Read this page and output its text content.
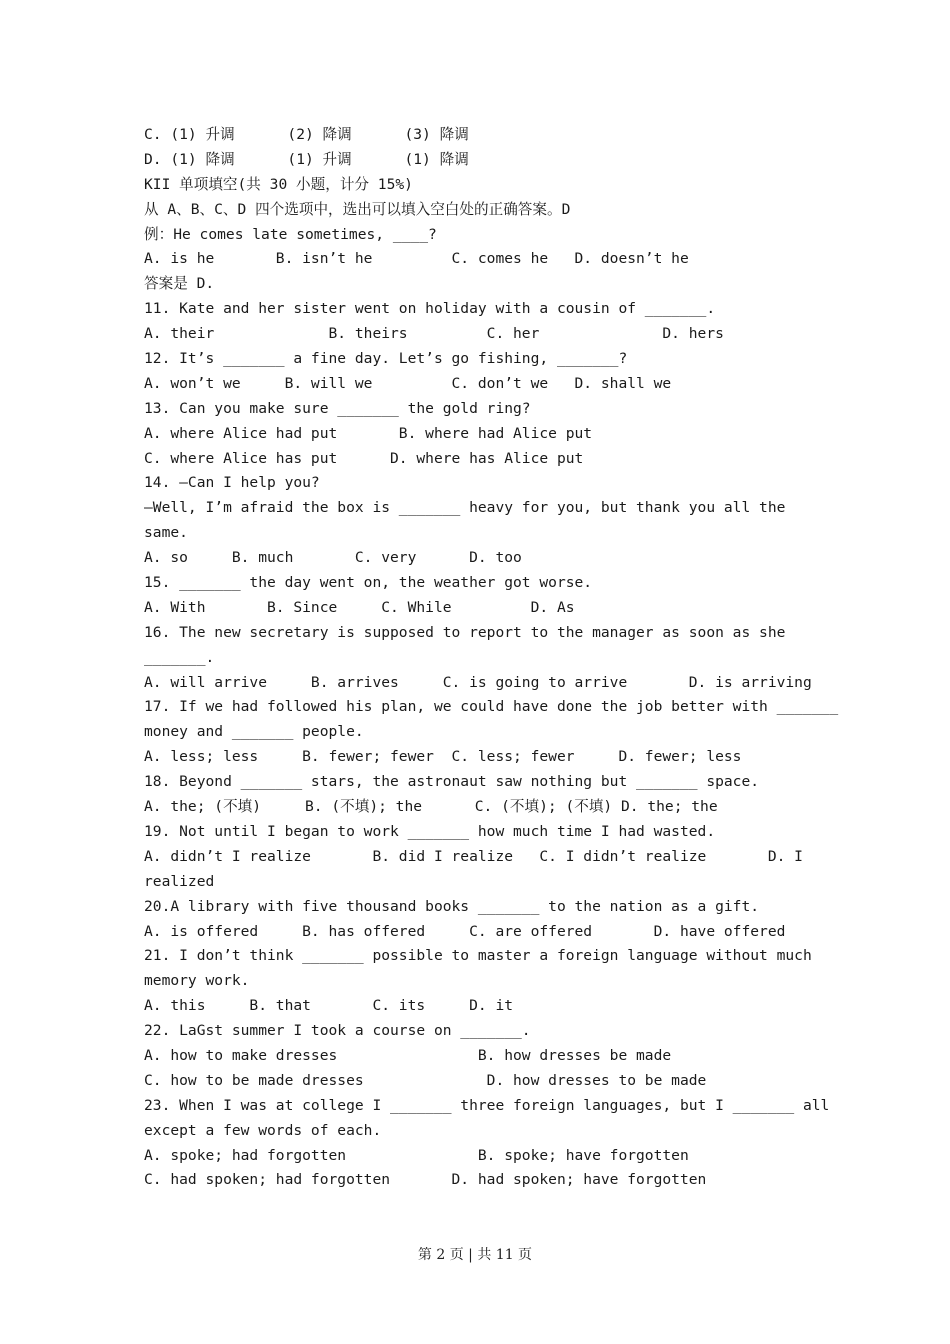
C. (1) 升调      (2) 降调      (3) 降调
D. (1) 降调      (1) 升调      (1) 降调
KII 单项填空(共 30 小题，计分 15%)
从 A、B、C、D 四个选项中，选出可以填入空白处的正确答案。D
例：He comes late sometimes, ____?
A. is he       B. isn’t he         C. comes he   D. doesn’t he
答案是 D.
11. Kate and her sister went on holiday with a cousin of _______.
A. their             B. theirs         C. her              D. hers
12. It’s _______ a fine day. Let’s go fishing, _______?
A. won’t we     B. will we         C. don’t we   D. shall we
13. Can you make sure _______ the gold ring?
A. where Alice had put       B. where had Alice put
C. where Alice has put      D. where has Alice put
14. —Can I help you?
—Well, I’m afraid the box is _______ heavy for you, but thank you all the
same.
A. so     B. much       C. very      D. too
15. _______ the day went on, the weather got worse.
A. With       B. Since     C. While         D. As
16. The new secretary is supposed to report to the manager as soon as she
_______.
A. will arrive     B. arrives     C. is going to arrive       D. is arriving
17. If we had followed his plan, we could have done the job better with _______
money and _______ people.
A. less; less     B. fewer; fewer  C. less; fewer     D. fewer; less
18. Beyond _______ stars, the astronaut saw nothing but _______ space.
A. the; (不填)     B. (不填); the      C. (不填); (不填) D. the; the
19. Not until I began to work _______ how much time I had wasted.
A. didn’t I realize       B. did I realize   C. I didn’t realize       D. I
realized
20.A library with five thousand books _______ to the nation as a gift.
A. is offered     B. has offered     C. are offered       D. have offered
21. I don’t think _______ possible to master a foreign language without much
memory work.
A. this     B. that       C. its     D. it
22. LaGst summer I took a course on _______.
A. how to make dresses                B. how dresses be made
C. how to be made dresses              D. how dresses to be made
23. When I was at college I _______ three foreign languages, but I _______ all
except a few words of each.
A. spoke; had forgotten               B. spoke; have forgotten
C. had spoken; had forgotten       D. had spoken; have forgotten
第 2 页 | 共 11 页
